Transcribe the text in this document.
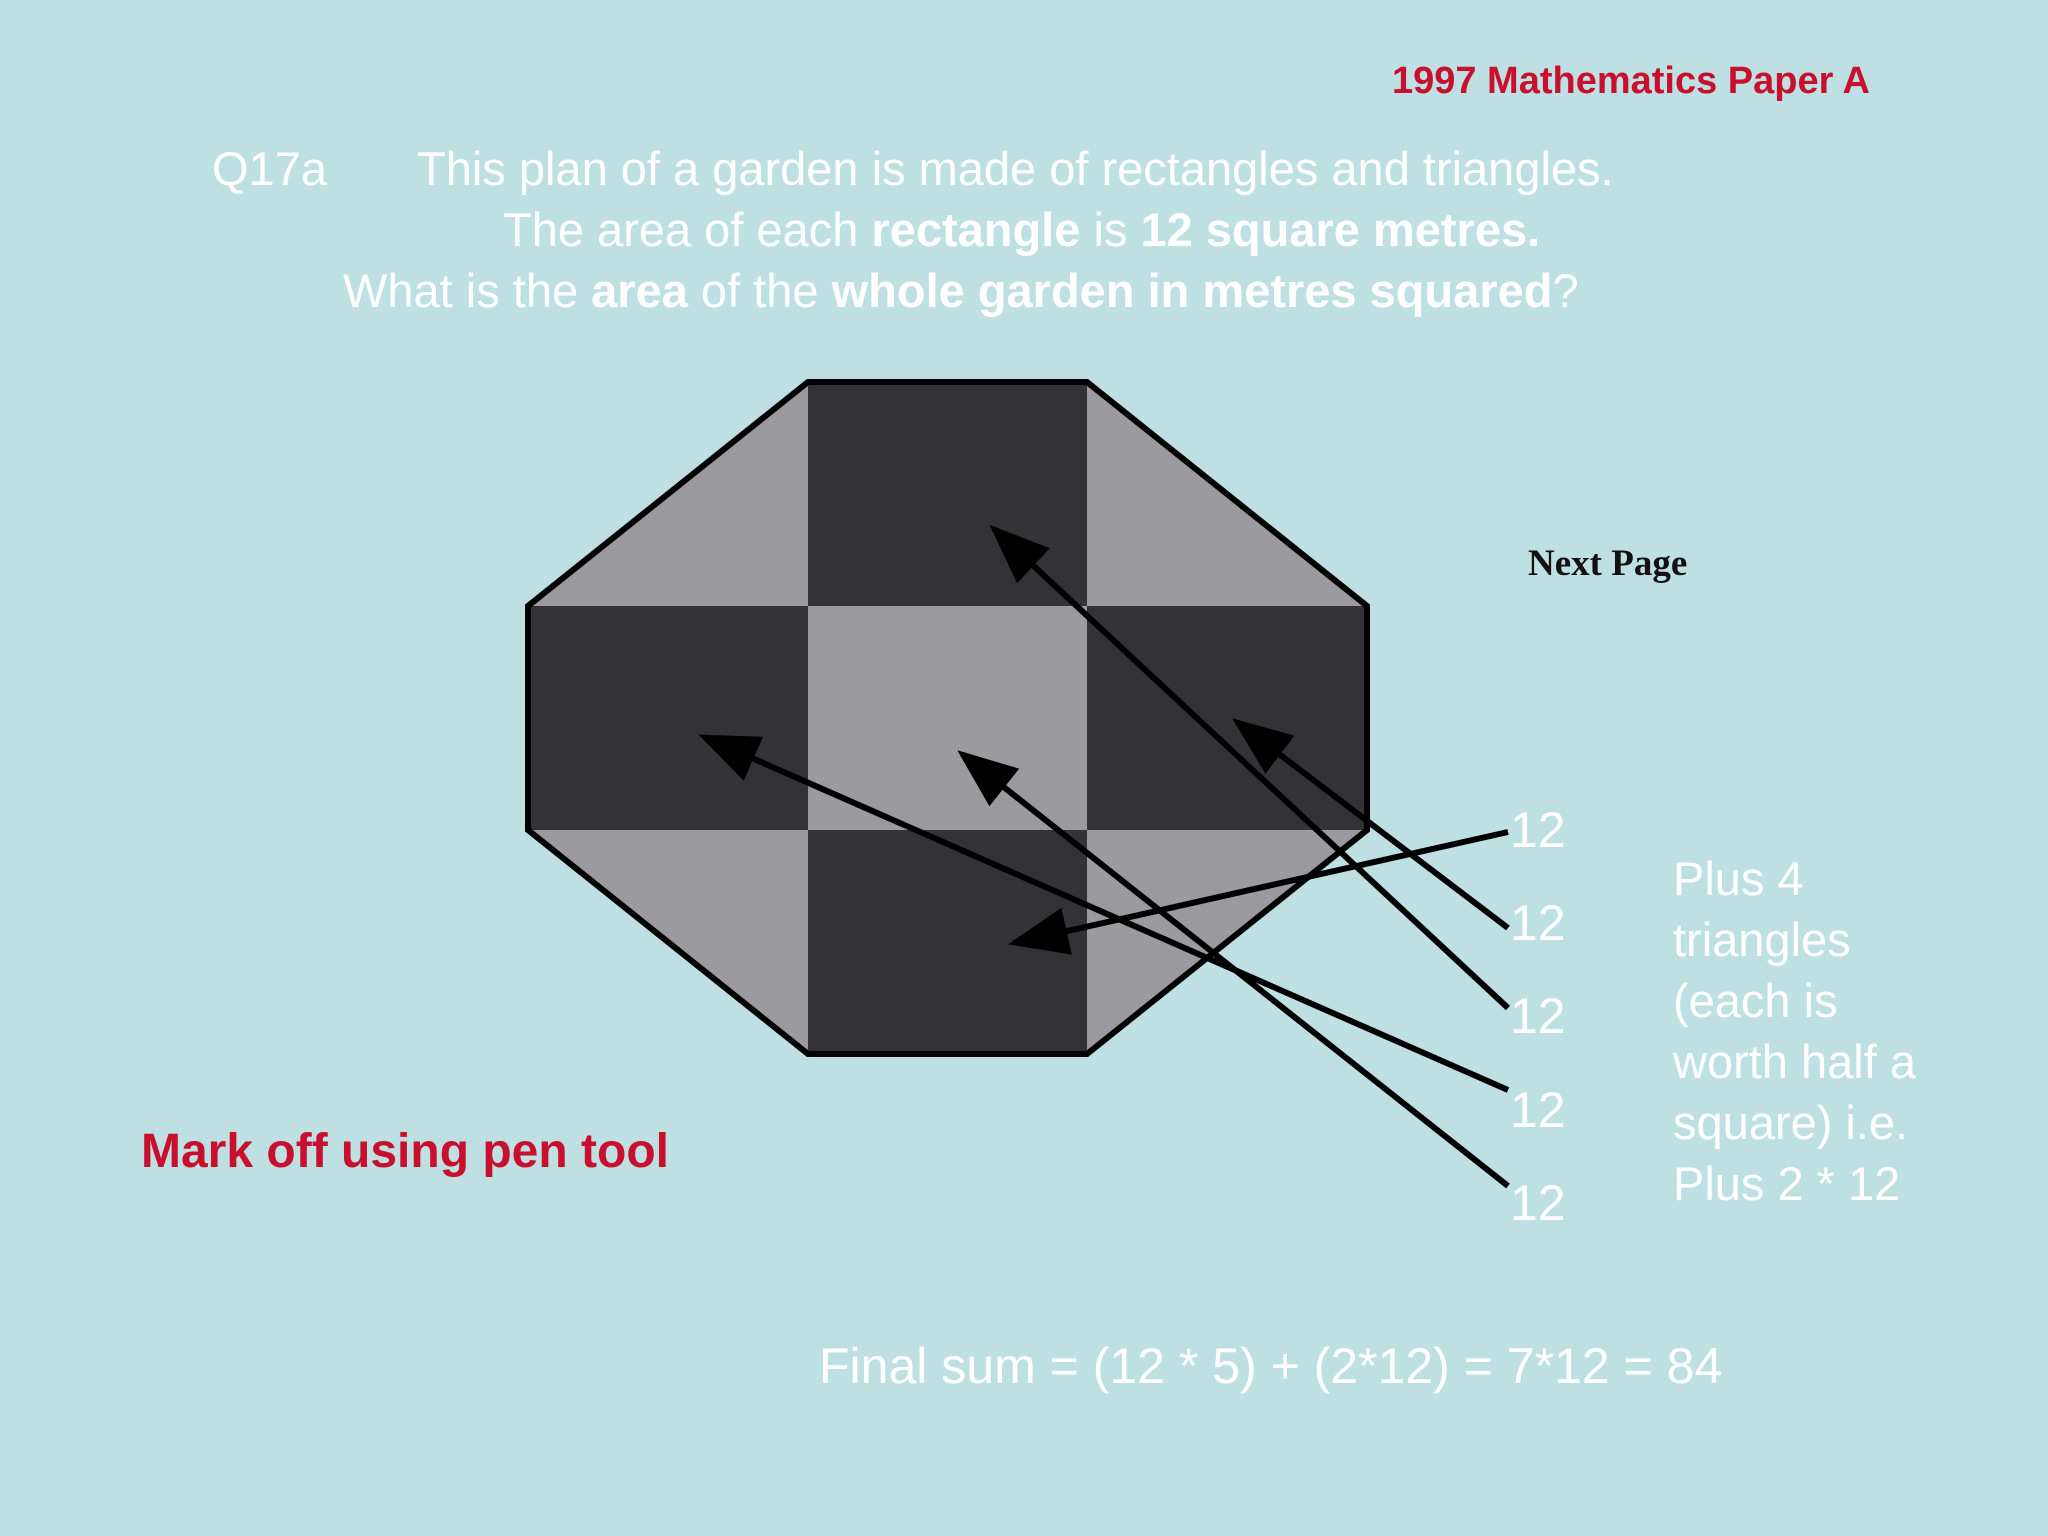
1997 Mathematics Paper A
Q17a This plan of a garden is made of rectangles and triangles.
The area of each rectangle is 12 square metres.
What is the area of the whole garden in metres squared?
Next Page
12
12
12
12
12
Plus 4
triangles
(each is
worth half a
square) i.e.
Plus 2 * 12
Mark off using pen tool
Final sum = (12 * 5) + (2*12) = 7*12 = 84
